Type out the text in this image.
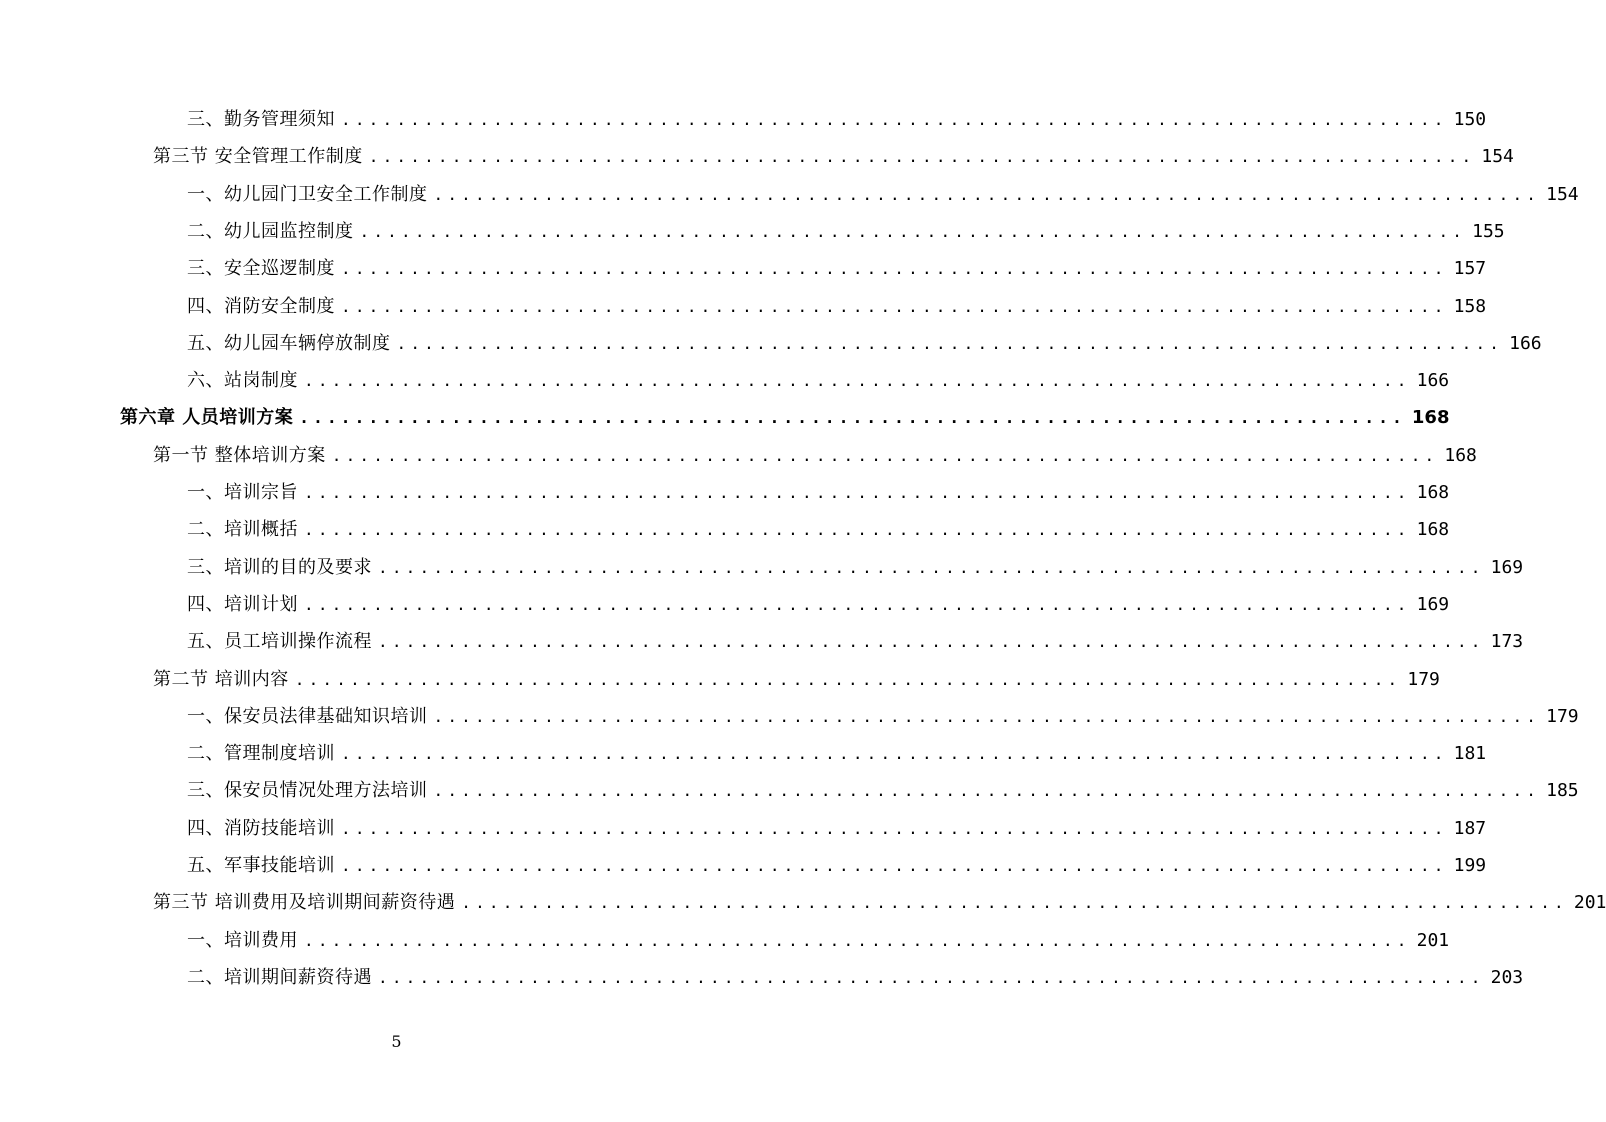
三、勤务管理须知 ................................................................................ 150
第三节 安全管理工作制度 ................................................................................ 154
一、幼儿园门卫安全工作制度 ................................................................................ 154
二、幼儿园监控制度 ................................................................................ 155
三、安全巡逻制度 ................................................................................ 157
四、消防安全制度 ................................................................................ 158
五、幼儿园车辆停放制度 ................................................................................ 166
六、站岗制度 ................................................................................ 166
第六章 人员培训方案 ................................................................................ 168
第一节 整体培训方案 ................................................................................ 168
一、培训宗旨 ................................................................................ 168
二、培训概括 ................................................................................ 168
三、培训的目的及要求 ................................................................................ 169
四、培训计划 ................................................................................ 169
五、员工培训操作流程 ................................................................................ 173
第二节 培训内容 ................................................................................ 179
一、保安员法律基础知识培训 ................................................................................ 179
二、管理制度培训 ................................................................................ 181
三、保安员情况处理方法培训 ................................................................................ 185
四、消防技能培训 ................................................................................ 187
五、军事技能培训 ................................................................................ 199
第三节 培训费用及培训期间薪资待遇 ................................................................................ 201
一、培训费用 ................................................................................ 201
二、培训期间薪资待遇 ................................................................................ 203
5
